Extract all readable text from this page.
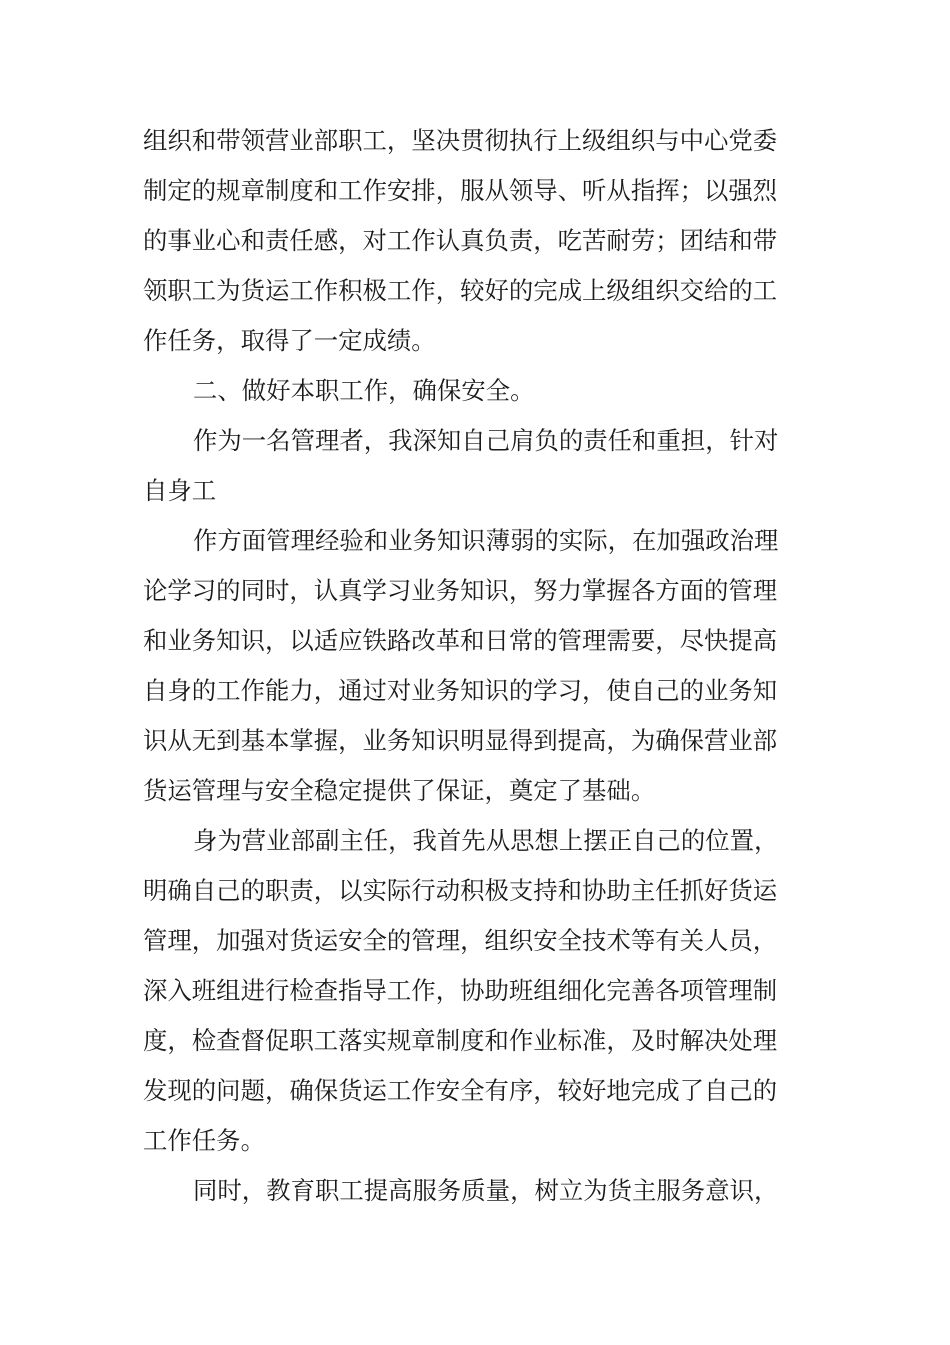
组织和带领营业部职工，坚决贯彻执行上级组织与中心党委
制定的规章制度和工作安排，服从领导、听从指挥；以强烈
的事业心和责任感，对工作认真负责，吃苦耐劳；团结和带
领职工为货运工作积极工作，较好的完成上级组织交给的工
作任务，取得了一定成绩。
二、做好本职工作，确保安全。
作为一名管理者，我深知自己肩负的责任和重担，针对
自身工
作方面管理经验和业务知识薄弱的实际，在加强政治理
论学习的同时，认真学习业务知识，努力掌握各方面的管理
和业务知识，以适应铁路改革和日常的管理需要，尽快提高
自身的工作能力，通过对业务知识的学习，使自己的业务知
识从无到基本掌握，业务知识明显得到提高，为确保营业部
货运管理与安全稳定提供了保证，奠定了基础。
身为营业部副主任，我首先从思想上摆正自己的位置，
明确自己的职责，以实际行动积极支持和协助主任抓好货运
管理，加强对货运安全的管理，组织安全技术等有关人员，
深入班组进行检查指导工作，协助班组细化完善各项管理制
度，检查督促职工落实规章制度和作业标准，及时解决处理
发现的问题，确保货运工作安全有序，较好地完成了自己的
工作任务。
同时，教育职工提高服务质量，树立为货主服务意识，
